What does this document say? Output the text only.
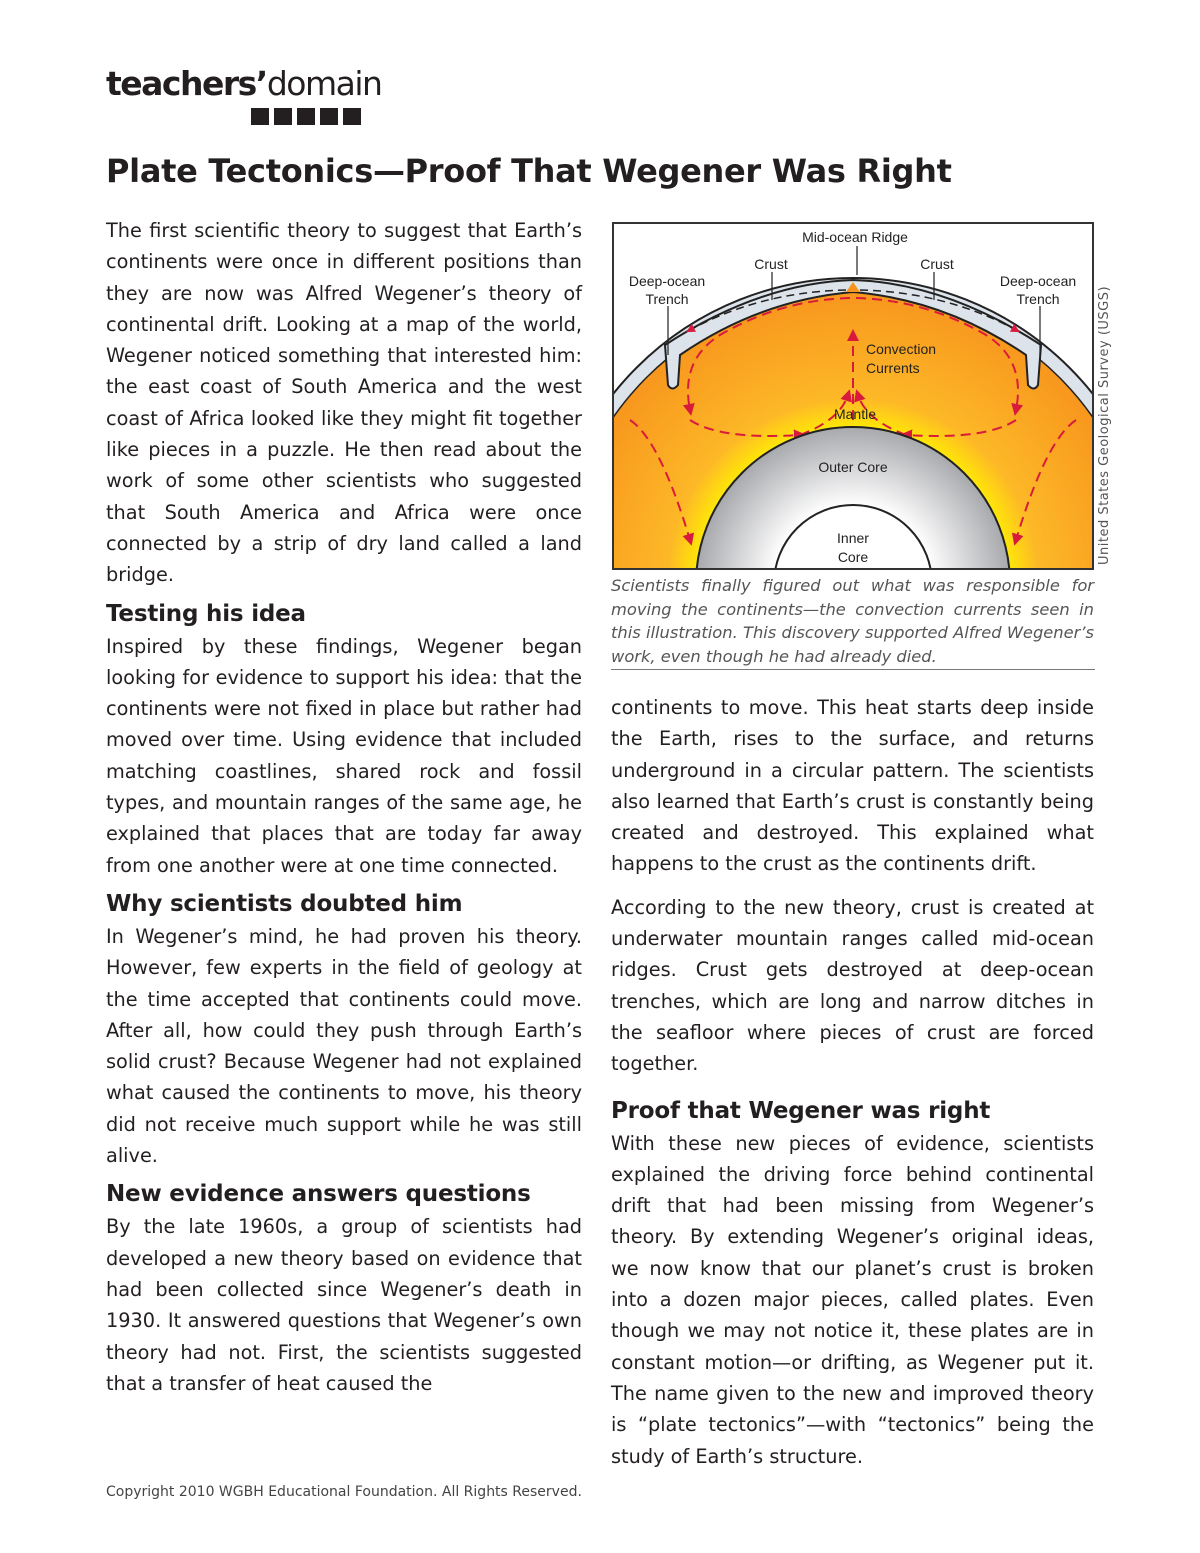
teachers’domain
Plate Tectonics—Proof That Wegener Was Right

The first scientific theory to suggest that Earth’s continents were once in different positions than they are now was Alfred Wegener’s theory of continental drift. Looking at a map of the world, Wegener noticed something that interested him: the east coast of South America and the west coast of Africa looked like they might fit together like pieces in a puzzle. He then read about the work of some other scientists who suggested that South America and Africa were once connected by a strip of dry land called a land bridge.

Testing his idea

Inspired by these findings, Wegener began looking for evidence to support his idea: that the continents were not fixed in place but rather had moved over time. Using evidence that included matching coastlines, shared rock and fossil types, and mountain ranges of the same age, he explained that places that are today far away from one another were at one time connected.

Why scientists doubted him

In Wegener’s mind, he had proven his theory. However, few experts in the field of geology at the time accepted that continents could move. After all, how could they push through Earth’s solid crust? Because Wegener had not explained what caused the continents to move, his theory did not receive much support while he was still alive.

New evidence answers questions

By the late 1960s, a group of scientists had developed a new theory based on evidence that had been collected since Wegener’s death in 1930. It answered questions that Wegener’s own theory had not. First, the scientists suggested that a transfer of heat caused the

Mid-ocean Ridge
Crust	Crust
Deep-ocean
Trench
Deep-ocean
Trench
Convection
Currents
Mantle
Outer Core
Inner
Core	United States Geological Survey (USGS)
Scientists finally figured out what was responsible for moving the continents—the convection currents seen in this illustration. This discovery supported Alfred Wegener’s work, even though he had already died.

continents to move. This heat starts deep inside the Earth, rises to the surface, and returns underground in a circular pattern. The scientists also learned that Earth’s crust is constantly being created and destroyed. This explained what happens to the crust as the continents drift.

According to the new theory, crust is created at underwater mountain ranges called mid-ocean ridges. Crust gets destroyed at deep-ocean trenches, which are long and narrow ditches in the seafloor where pieces of crust are forced together.

Proof that Wegener was right

With these new pieces of evidence, scientists explained the driving force behind continental drift that had been missing from Wegener’s theory. By extending Wegener’s original ideas, we now know that our planet’s crust is broken into a dozen major pieces, called plates. Even though we may not notice it, these plates are in constant motion—or drifting, as Wegener put it. The name given to the new and improved theory is “plate tectonics”—with “tectonics” being the study of Earth’s structure.

Copyright 2010 WGBH Educational Foundation. All Rights Reserved.
